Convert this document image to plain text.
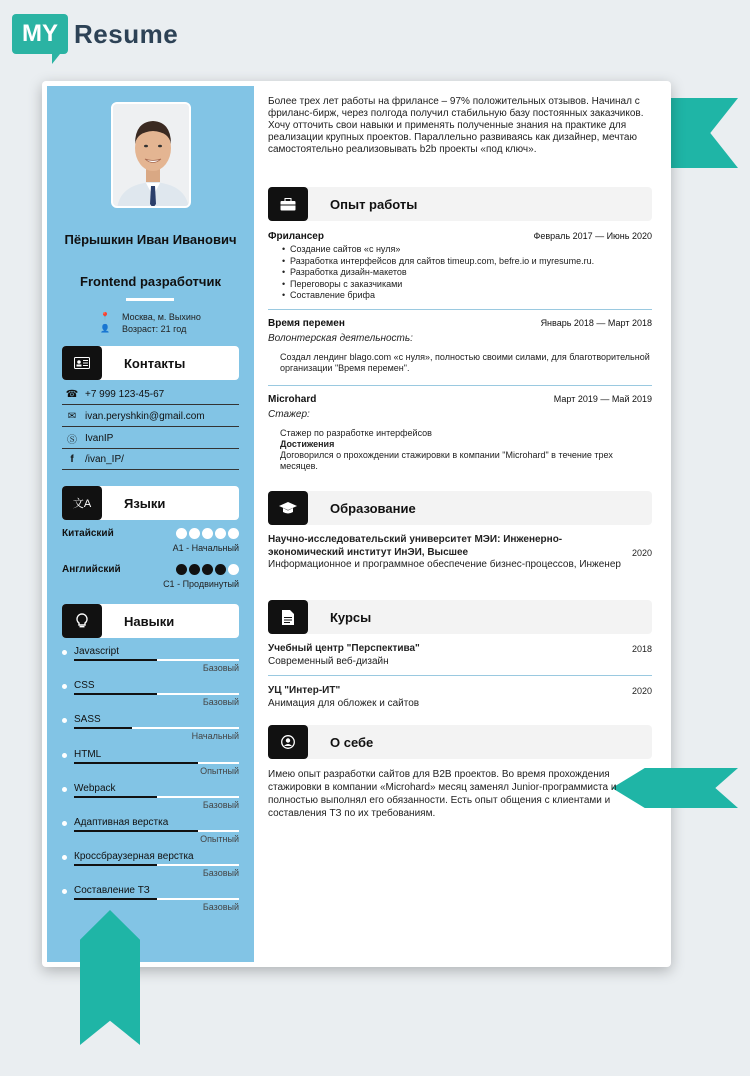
MY Resume
Пёрышкин Иван Иванович
Frontend разработчик
📍 Москва, м. Выхино
👤 Возраст: 21 год
Контакты
☎ +7 999 123-45-67
✉ ivan.peryshkin@gmail.com
Ⓢ IvanIP
f	/ivan_IP/
文A	Языки
Китайский
A1 - Начальный
Английский
C1 - Продвинутый
Навыки
Javascript
Базовый
CSS
Базовый
SASS
Начальный
HTML
Опытный
Webpack
Базовый
Адаптивная верстка
Опытный
Кроссбраузерная верстка
Базовый
Составление ТЗ
Базовый
Более трех лет работы на фрилансе – 97% положительных отзывов. Начинал с фриланс-бирж, через полгода получил стабильную базу постоянных заказчиков. Хочу отточить свои навыки и применять полученные знания на практике для реализации крупных проектов. Параллельно развиваясь как дизайнер, мечтаю самостоятельно реализовывать b2b проекты «под ключ».
Опыт работы
Фрилансер	Февраль 2017 — Июнь 2020
• Создание сайтов «с нуля»
• Разработка интерфейсов для сайтов timeup.com, befre.io и myresume.ru.
• Разработка дизайн-макетов
• Переговоры с заказчиками
• Составление брифа
Время перемен	Январь 2018 — Март 2018
Волонтерская деятельность:
Создал лендинг blago.com «с нуля», полностью своими силами, для благотворительной организации "Время перемен".
Microhard	Март 2019 — Май 2019
Стажер:
Стажер по разработке интерфейсов
Достижения
Договорился о прохождении стажировки в компании "Microhard" в течение трех месяцев.
Образование
Научно-исследовательский университет МЭИ: Инженерно-экономический институт ИнЭИ, Высшее	2020
Информационное и программное обеспечение бизнес-процессов, Инженер
Курсы
Учебный центр "Перспектива"	2018
Современный веб-дизайн
УЦ "Интер-ИТ"	2020
Анимация для обложек и сайтов
О себе
Имею опыт разработки сайтов для B2B проектов. Во время прохождения стажировки в компании «Microhard» месяц заменял Junior-программиста и полностью выполнял его обязанности. Есть опыт общения с клиентами и составления ТЗ по их требованиям.
